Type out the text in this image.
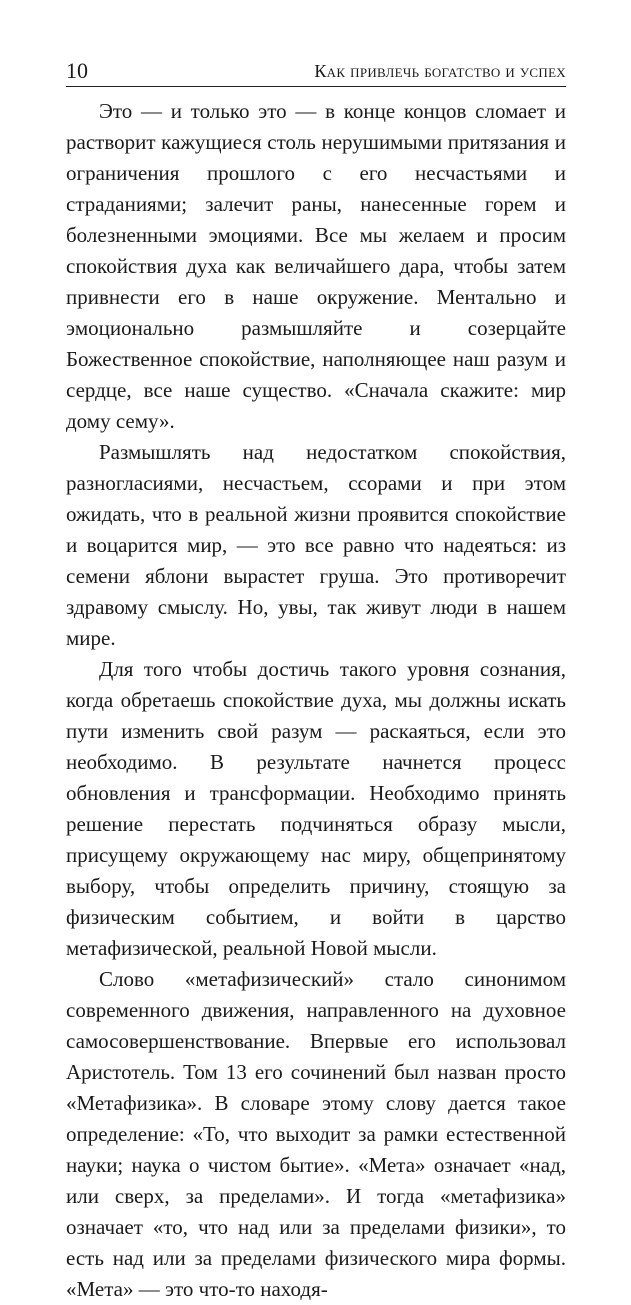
10	Как привлечь богатство и успех

Это — и только это — в конце концов сломает и растворит кажущиеся столь нерушимыми притязания и ограничения прошлого с его несчастьями и страданиями; залечит раны, нанесенные горем и болезненными эмоциями. Все мы желаем и просим спокойствия духа как величайшего дара, чтобы затем привнести его в наше окружение. Ментально и эмоционально размышляйте и созерцайте Божественное спокойствие, наполняющее наш разум и сердце, все наше существо. «Сначала скажите: мир дому сему».

Размышлять над недостатком спокойствия, разногласиями, несчастьем, ссорами и при этом ожидать, что в реальной жизни проявится спокойствие и воцарится мир, — это все равно что надеяться: из семени яблони вырастет груша. Это противоречит здравому смыслу. Но, увы, так живут люди в нашем мире.

Для того чтобы достичь такого уровня сознания, когда обретаешь спокойствие духа, мы должны искать пути изменить свой разум — раскаяться, если это необходимо. В результате начнется процесс обновления и трансформации. Необходимо принять решение перестать подчиняться образу мысли, присущему окружающему нас миру, общепринятому выбору, чтобы определить причину, стоящую за физическим событием, и войти в царство метафизической, реальной Новой мысли.

Слово «метафизический» стало синонимом современного движения, направленного на духовное самосовершенствование. Впервые его использовал Аристотель. Том 13 его сочинений был назван просто «Метафизика». В словаре этому слову дается такое определение: «То, что выходит за рамки естественной науки; наука о чистом бытие». «Мета» означает «над, или сверх, за пределами». И тогда «метафизика» означает «то, что над или за пределами физики», то есть над или за пределами физического мира формы. «Мета» — это что-то находя-
